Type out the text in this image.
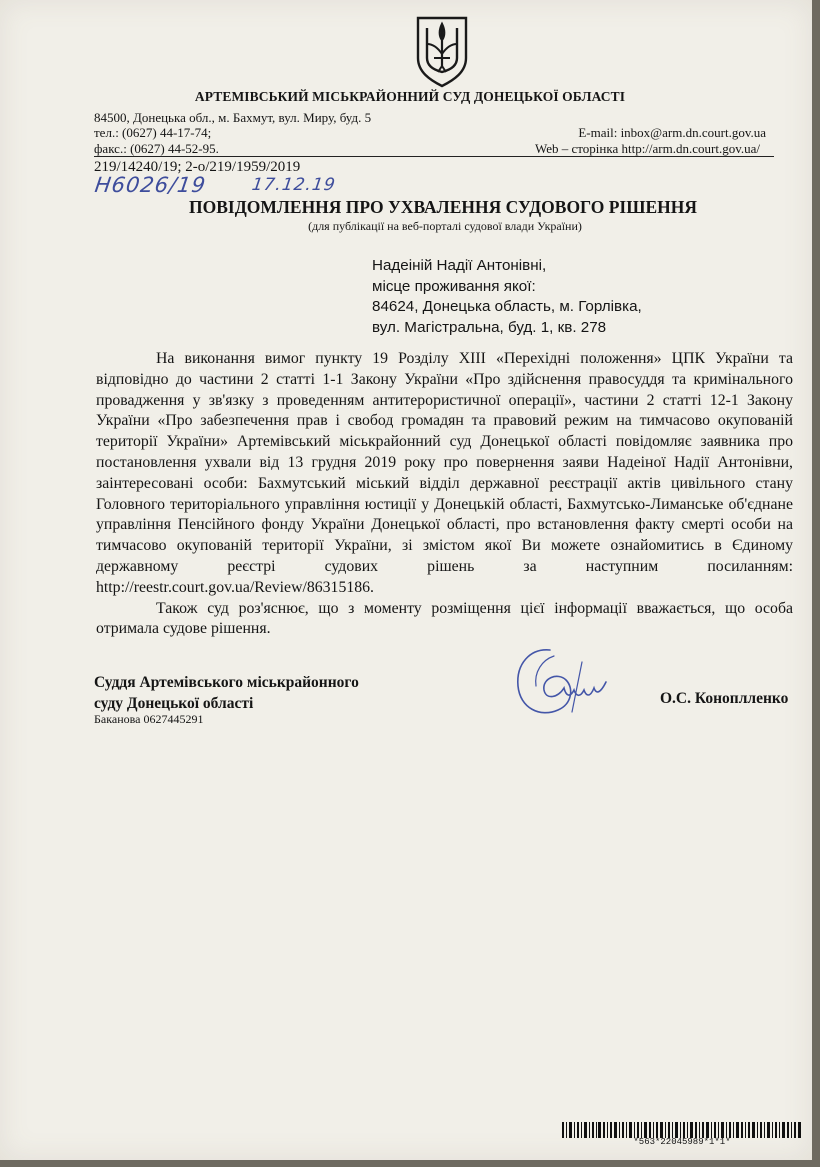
АРТЕМІВСЬКИЙ МІСЬКРАЙОННИЙ СУД ДОНЕЦЬКОЇ ОБЛАСТІ
84500, Донецька обл., м. Бахмут, вул. Миру, буд. 5
тел.: (0627) 44-17-74;
факс.: (0627) 44-52-95.
E-mail: inbox@arm.dn.court.gov.ua
Web – сторінка http://arm.dn.court.gov.ua/
219/14240/19; 2-о/219/1959/2019
Н6026/19	17.12.19
ПОВІДОМЛЕННЯ ПРО УХВАЛЕННЯ СУДОВОГО РІШЕННЯ
(для публікації на веб-порталі судової влади України)
Надеіній Надії Антонівні,
місце проживання якої:
84624, Донецька область, м. Горлівка,
вул. Магістральна, буд. 1, кв. 278

На виконання вимог пункту 19 Розділу XIII «Перехідні положення» ЦПК України та відповідно до частини 2 статті 1-1 Закону України «Про здійснення правосуддя та кримінального провадження у зв'язку з проведенням антитерористичної операції», частини 2 статті 12-1 Закону України «Про забезпечення прав і свобод громадян та правовий режим на тимчасово окупованій території України» Артемівський міськрайонний суд Донецької області повідомляє заявника про постановлення ухвали від 13 грудня 2019 року про повернення заяви Надеіної Надії Антонівни, заінтересовані особи: Бахмутський міський відділ державної реєстрації актів цивільного стану Головного територіального управління юстиції у Донецькій області, Бахмутсько-Лиманське об'єднане управління Пенсійного фонду України Донецької області, про встановлення факту смерті особи на тимчасово окупованій території України, зі змістом якої Ви можете ознайомитись в Єдиному державному реєстрі судових рішень за наступним посиланням: http://reestr.court.gov.ua/Review/86315186.

Також суд роз'яснює, що з моменту розміщення цієї інформації вважається, що особа отримала судове рішення.

Суддя Артемівського міськрайонного
суду Донецької області
Баканова 0627445291
О.С. Коноплленко
*563*22045989*1*1*
